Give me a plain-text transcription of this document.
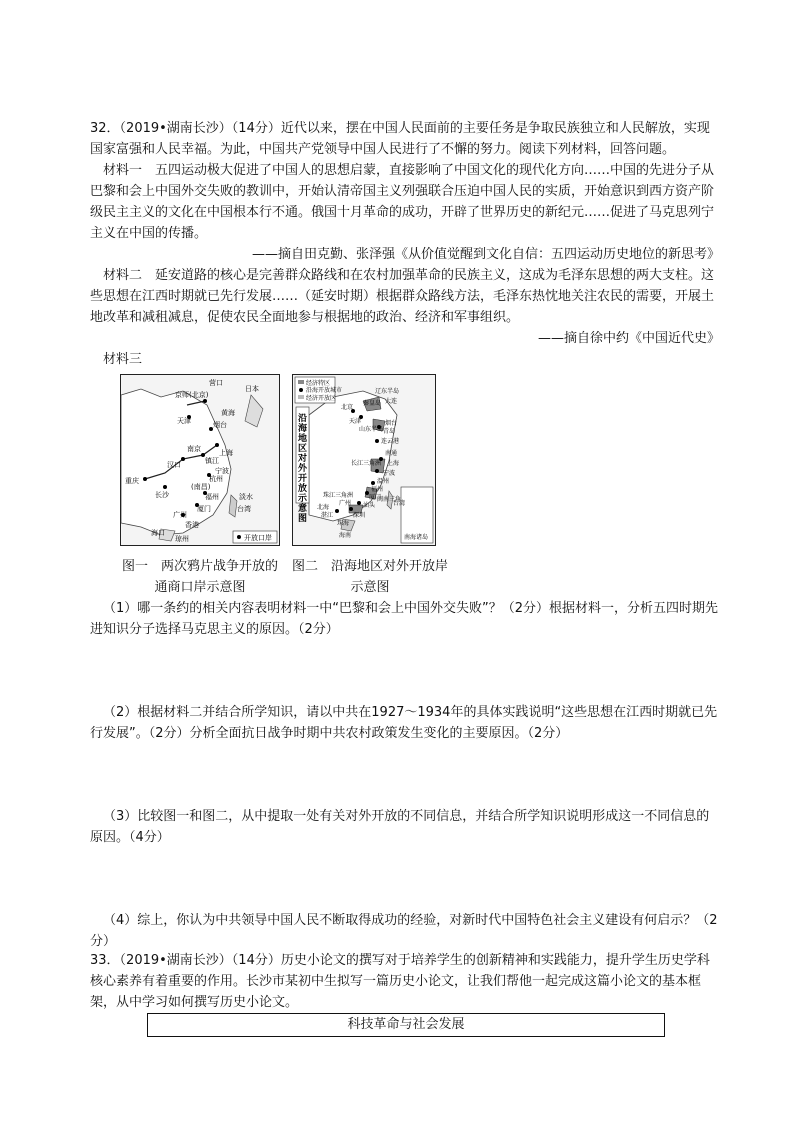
32．（2019•湖南长沙）（14分）近代以来，摆在中国人民面前的主要任务是争取民族独立和人民解放，实现国家富强和人民幸福。为此，中国共产党领导中国人民进行了不懈的努力。阅读下列材料，回答问题。

材料一　五四运动极大促进了中国人的思想启蒙，直接影响了中国文化的现代化方向……中国的先进分子从巴黎和会上中国外交失败的教训中，开始认清帝国主义列强联合压迫中国人民的实质，开始意识到西方资产阶级民主主义的文化在中国根本行不通。俄国十月革命的成功，开辟了世界历史的新纪元……促进了马克思列宁主义在中国的传播。

——摘自田克勤、张泽强《从价值觉醒到文化自信：五四运动历史地位的新思考》

材料二　延安道路的核心是完善群众路线和在农村加强革命的民族主义，这成为毛泽东思想的两大支柱。这些思想在江西时期就已先行发展……（延安时期）根据群众路线方法，毛泽东热忱地关注农民的需要，开展土地改革和减租减息，促使农民全面地参与根据地的政治、经济和军事组织。

——摘自徐中约《中国近代史》
材料三
营口
京师(北京)
天津
日本
黄海
烟台
南京	上海
镇江
汉口
重庆
长沙
杭州
宁波
福州
厦门
广州
香港
海口
琼州
(南昌)
台湾
淡水
开放口岸
经济特区
沿海开放城市
经济开放区
沿海地区对外开放示意图
北京
天津
大连
秦皇岛
烟台
青岛
连云港
南通
上海
宁波
温州
福州
厦门
汕头
深圳
珠海
广州
湛江
北海
海南
台湾
长江三角洲
珠江三角洲
闽南三角
山东半岛
辽东半岛
南海诸岛
图一　两次鸦片战争开放的通商口岸示意图
图二　沿海地区对外开放岸示意图

（1）哪一条约的相关内容表明材料一中“巴黎和会上中国外交失败”？（2分）根据材料一，分析五四时期先进知识分子选择马克思主义的原因。（2分）

（2）根据材料二并结合所学知识，请以中共在1927～1934年的具体实践说明“这些思想在江西时期就已先行发展”。（2分）分析全面抗日战争时期中共农村政策发生变化的主要原因。（2分）

（3）比较图一和图二，从中提取一处有关对外开放的不同信息，并结合所学知识说明形成这一不同信息的原因。（4分）

（4）综上，你认为中共领导中国人民不断取得成功的经验，对新时代中国特色社会主义建设有何启示？（2分）

33．（2019•湖南长沙）（14分）历史小论文的撰写对于培养学生的创新精神和实践能力，提升学生历史学科核心素养有着重要的作用。长沙市某初中生拟写一篇历史小论文，让我们帮他一起完成这篇小论文的基本框架，从中学习如何撰写历史小论文。

科技革命与社会发展
